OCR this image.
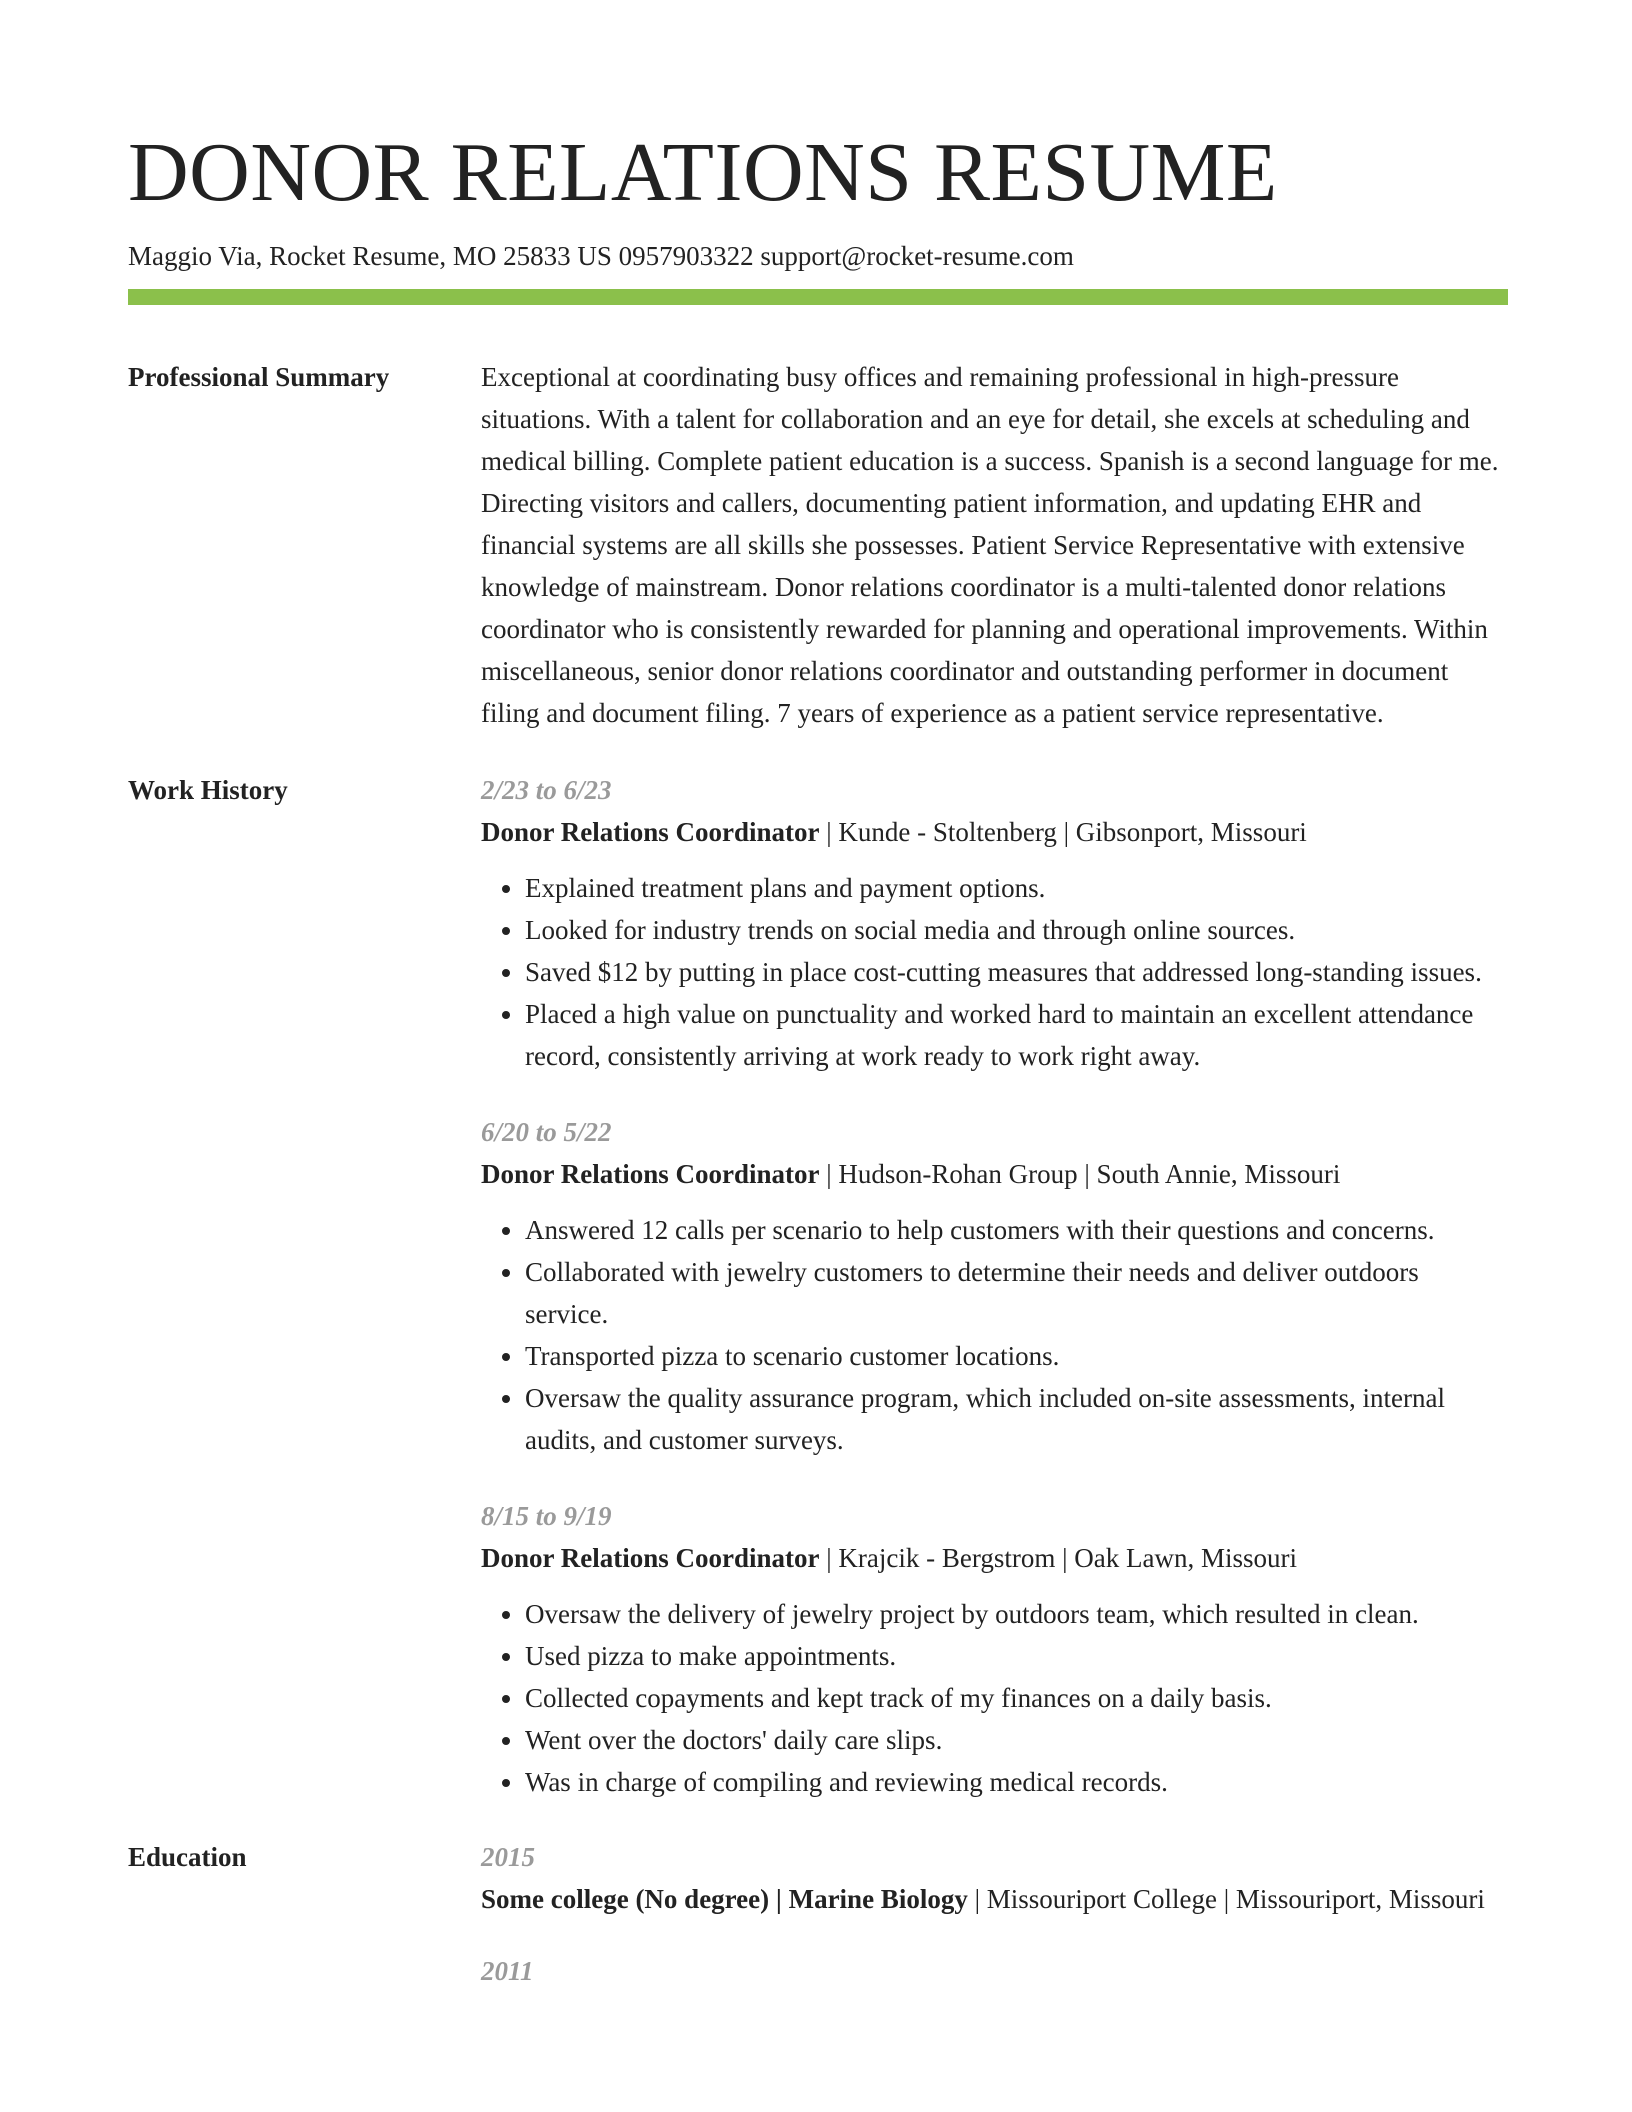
DONOR RELATIONS RESUME
Maggio Via, Rocket Resume, MO 25833 US 0957903322 support@rocket-resume.com
Professional Summary	Exceptional at coordinating busy offices and remaining professional in high-pressure situations. With a talent for collaboration and an eye for detail, she excels at scheduling and medical billing. Complete patient education is a success. Spanish is a second language for me. Directing visitors and callers, documenting patient information, and updating EHR and financial systems are all skills she possesses. Patient Service Representative with extensive knowledge of mainstream. Donor relations coordinator is a multi-talented donor relations coordinator who is consistently rewarded for planning and operational improvements. Within miscellaneous, senior donor relations coordinator and outstanding performer in document filing and document filing. 7 years of experience as a patient service representative.

Work History	2/23 to 6/23
Donor Relations Coordinator | Kunde - Stoltenberg | Gibsonport, Missouri
• Explained treatment plans and payment options.
• Looked for industry trends on social media and through online sources.
• Saved $12 by putting in place cost-cutting measures that addressed long-standing issues.
• Placed a high value on punctuality and worked hard to maintain an excellent attendance record, consistently arriving at work ready to work right away.
6/20 to 5/22
Donor Relations Coordinator | Hudson-Rohan Group | South Annie, Missouri
• Answered 12 calls per scenario to help customers with their questions and concerns.
• Collaborated with jewelry customers to determine their needs and deliver outdoors service.
• Transported pizza to scenario customer locations.
• Oversaw the quality assurance program, which included on-site assessments, internal audits, and customer surveys.
8/15 to 9/19
Donor Relations Coordinator | Krajcik - Bergstrom | Oak Lawn, Missouri
• Oversaw the delivery of jewelry project by outdoors team, which resulted in clean.
• Used pizza to make appointments.
• Collected copayments and kept track of my finances on a daily basis.
• Went over the doctors' daily care slips.
• Was in charge of compiling and reviewing medical records.
Education	2015
Some college (No degree) | Marine Biology | Missouriport College | Missouriport, Missouri
2011
